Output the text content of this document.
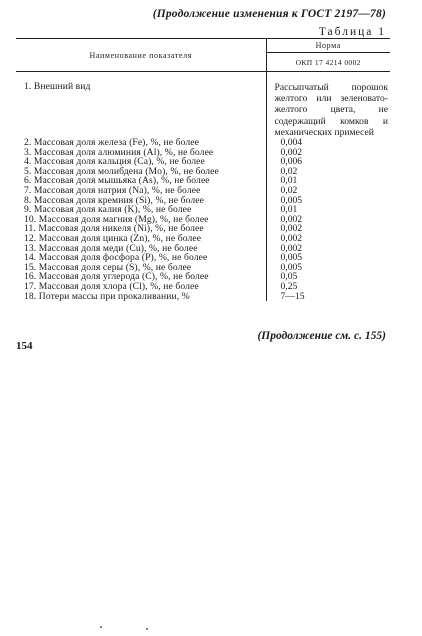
(Продолжение изменения к ГОСТ 2197—78)
Таблица 1
Наименование показателя	Норма
	ОКП 17 4214 0002

1. Внешний вид	Рассыпчатый порошок желтого или зеленовато-желтого цвета, не содержащий комков и механических примесей
2. Массовая доля железа (Fe), %, не более	0,004
3. Массовая доля алюминия (Al), %, не более	0,002
4. Массовая доля кальция (Ca), %, не более	0,006
5. Массовая доля молибдена (Mo), %, не более	0,02
6. Массовая доля мышьяка (As), %, не более	0,01
7. Массовая доля натрия (Na), %, не более	0,02
8. Массовая доля кремния (Si), %, не более	0,005
9. Массовая доля калия (K), %, не более	0,01
10. Массовая доля магния (Mg), %, не более	0,002
11. Массовая доля никеля (Ni), %, не более	0,002
12. Массовая доля цинка (Zn), %, не более	0,002
13. Массовая доля меди (Cu), %, не более	0,002
14. Массовая доля фосфора (P), %, не более	0,005
15. Массовая доля серы (S), %, не более	0,005
16. Массовая доля углерода (C), %, не более	0,05
17. Массовая доля хлора (Cl), %, не более	0,25
18. Потери массы при прокаливании, %	7—15
(Продолжение см. с. 155)
154
